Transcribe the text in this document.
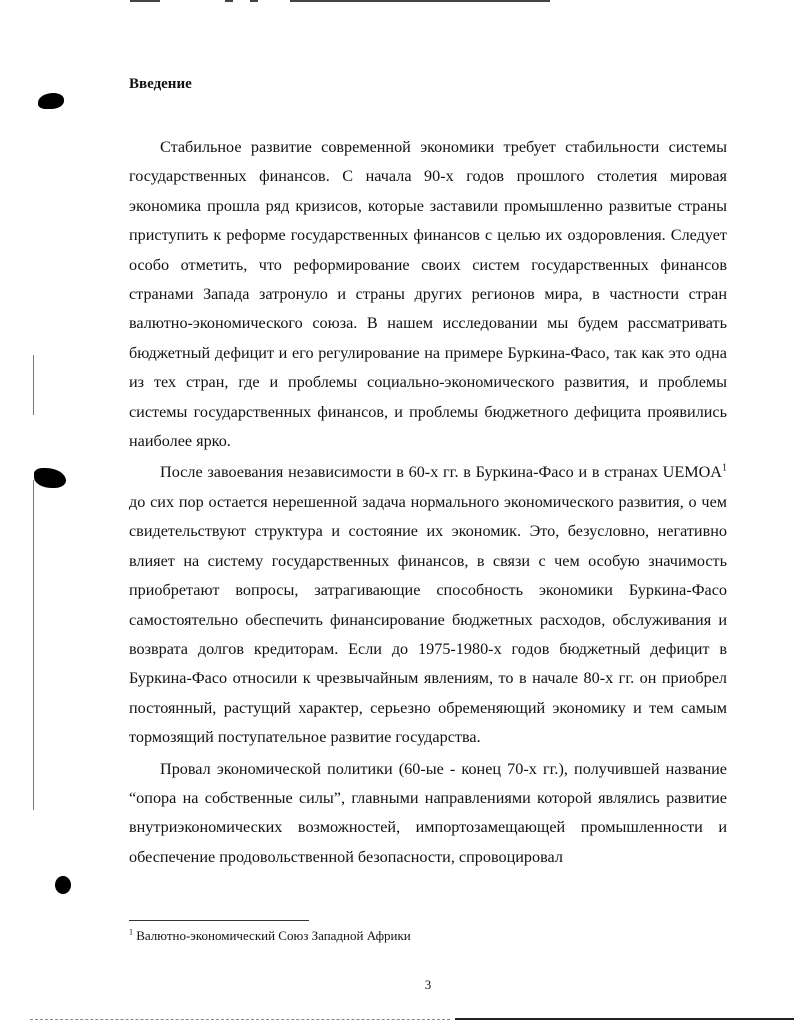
Введение

Стабильное развитие современной экономики требует стабильности системы государственных финансов. С начала 90-х годов прошлого столетия мировая экономика прошла ряд кризисов, которые заставили промышленно развитые страны приступить к реформе государственных финансов с целью их оздоровления. Следует особо отметить, что реформирование своих систем государственных финансов странами Запада затронуло и страны других регионов мира, в частности стран валютно-экономического союза. В нашем исследовании мы будем рассматривать бюджетный дефицит и его регулирование на примере Буркина-Фасо, так как это одна из тех стран, где и проблемы социально-экономического развития, и проблемы системы государственных финансов, и проблемы бюджетного дефицита проявились наиболее ярко.

После завоевания независимости в 60-х гг. в Буркина-Фасо и в странах UEMOA$^1$ до сих пор остается нерешенной задача нормального экономического развития, о чем свидетельствуют структура и состояние их экономик. Это, безусловно, негативно влияет на систему государственных финансов, в связи с чем особую значимость приобретают вопросы, затрагивающие способность экономики Буркина-Фасо самостоятельно обеспечить финансирование бюджетных расходов, обслуживания и возврата долгов кредиторам. Если до 1975-1980-х годов бюджетный дефицит в Буркина-Фасо относили к чрезвычайным явлениям, то в начале 80-х гг. он приобрел постоянный, растущий характер, серьезно обременяющий экономику и тем самым тормозящий поступательное развитие государства.

Провал экономической политики (60-ые - конец 70-х гг.), получившей название “опора на собственные силы”, главными направлениями которой являлись развитие внутриэкономических возможностей, импортозамещающей промышленности и обеспечение продовольственной безопасности, спровоцировал

$^1$ Валютно-экономический Союз Западной Африки
3
